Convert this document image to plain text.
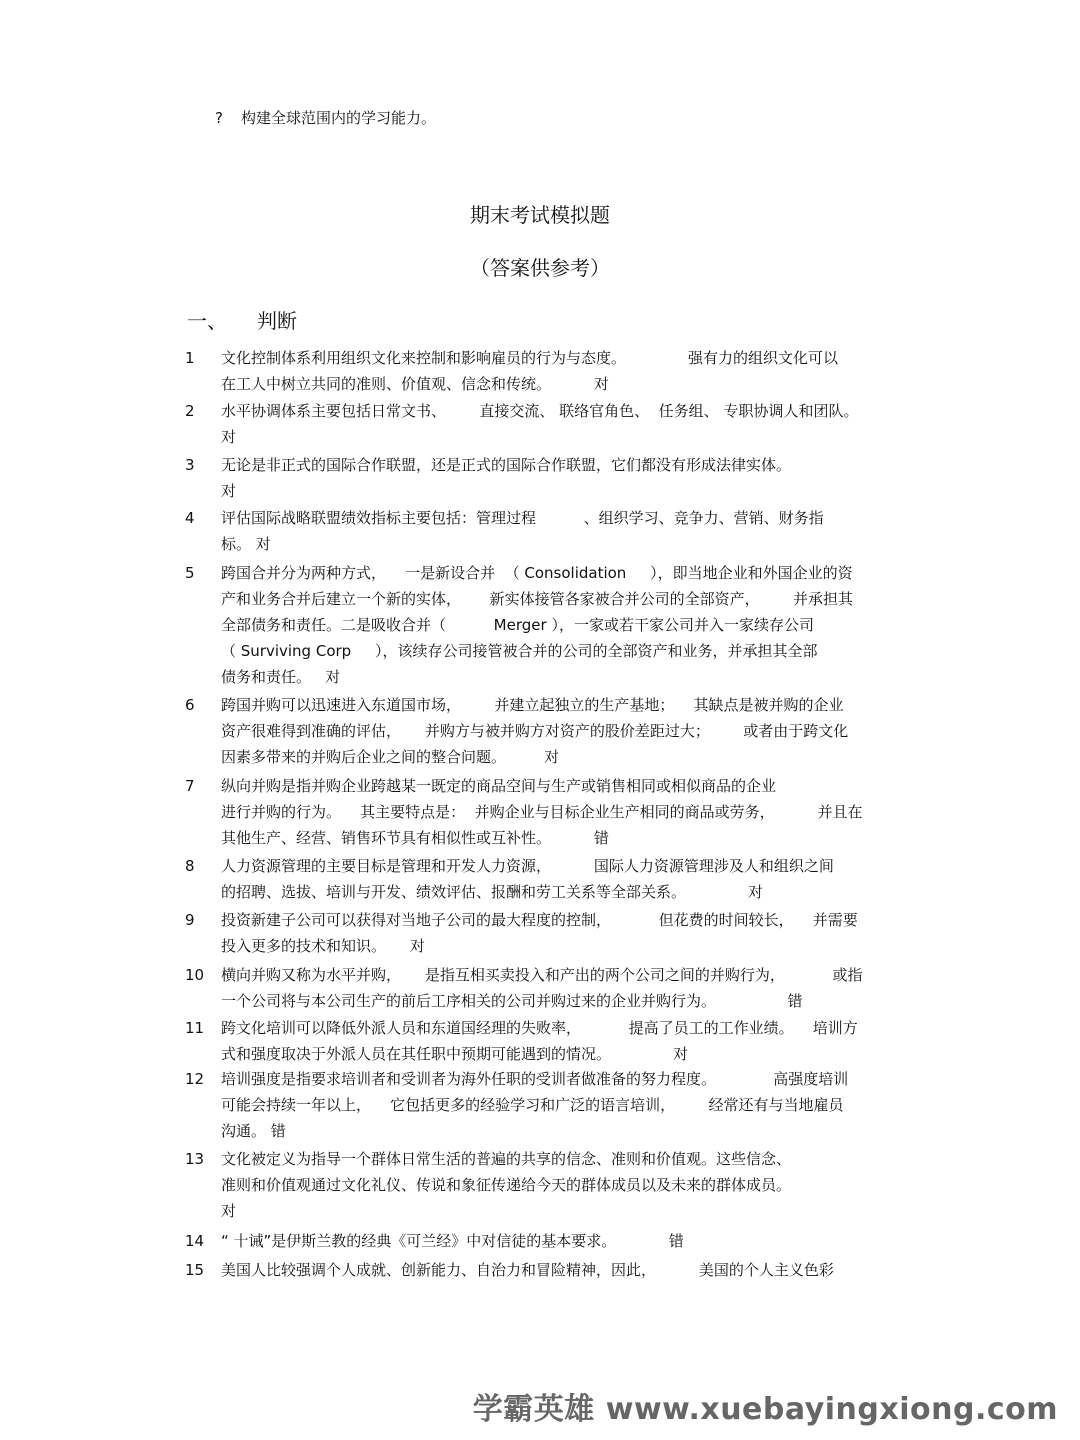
? 构建全球范围内的学习能力。
期末考试模拟题
（答案供参考）
一、 判断
1 文化控制体系利用组织文化来控制和影响雇员的行为与态度。             强有力的组织文化可以
在工人中树立共同的准则、价值观、信念和传统。         对
2 水平协调体系主要包括日常文书、       直接交流、 联络官角色、  任务组、 专职协调人和团队。
对
3 无论是非正式的国际合作联盟，还是正式的国际合作联盟，它们都没有形成法律实体。
对
4 评估国际战略联盟绩效指标主要包括：管理过程          、组织学习、竞争力、营销、财务指
标。 对
5 跨国合并分为两种方式，    一是新设合并  （ Consolidation     ），即当地企业和外国企业的资
产和业务合并后建立一个新的实体，      新实体接管各家被合并公司的全部资产，       并承担其
全部债务和责任。二是吸收合并（          Merger ），一家或若干家公司并入一家续存公司
（ Surviving Corp     ），该续存公司接管被合并的公司的全部资产和业务，并承担其全部
债务和责任。   对
6 跨国并购可以迅速进入东道国市场，       并建立起独立的生产基地；    其缺点是被并购的企业
资产很难得到准确的评估，     并购方与被并购方对资产的股价差距过大；       或者由于跨文化
因素多带来的并购后企业之间的整合问题。        对
7 纵向并购是指并购企业跨越某一既定的商品空间与生产或销售相同或相似商品的企业
进行并购的行为。    其主要特点是：  并购企业与目标企业生产相同的商品或劳务，         并且在
其他生产、经营、销售环节具有相似性或互补性。         错
8 人力资源管理的主要目标是管理和开发人力资源，         国际人力资源管理涉及人和组织之间
的招聘、选拔、培训与开发、绩效评估、报酬和劳工关系等全部关系。             对
9 投资新建子公司可以获得对当地子公司的最大程度的控制，          但花费的时间较长，    并需要
投入更多的技术和知识。     对
10 横向并购又称为水平并购，     是指互相买卖投入和产出的两个公司之间的并购行为，          或指
一个公司将与本公司生产的前后工序相关的公司并购过来的企业并购行为。               错
11 跨文化培训可以降低外派人员和东道国经理的失败率，          提高了员工的工作业绩。    培训方
式和强度取决于外派人员在其任职中预期可能遇到的情况。             对
12 培训强度是指要求培训者和受训者为海外任职的受训者做准备的努力程度。            高强度培训
可能会持续一年以上，    它包括更多的经验学习和广泛的语言培训，       经常还有与当地雇员
沟通。 错
13 文化被定义为指导一个群体日常生活的普遍的共享的信念、准则和价值观。这些信念、
准则和价值观通过文化礼仪、传说和象征传递给今天的群体成员以及未来的群体成员。
对
14 “ 十诫”是伊斯兰教的经典《可兰经》中对信徒的基本要求。           错
15 美国人比较强调个人成就、创新能力、自治力和冒险精神，因此，         美国的个人主义色彩
学霸英雄 www.xuebayingxiong.com
